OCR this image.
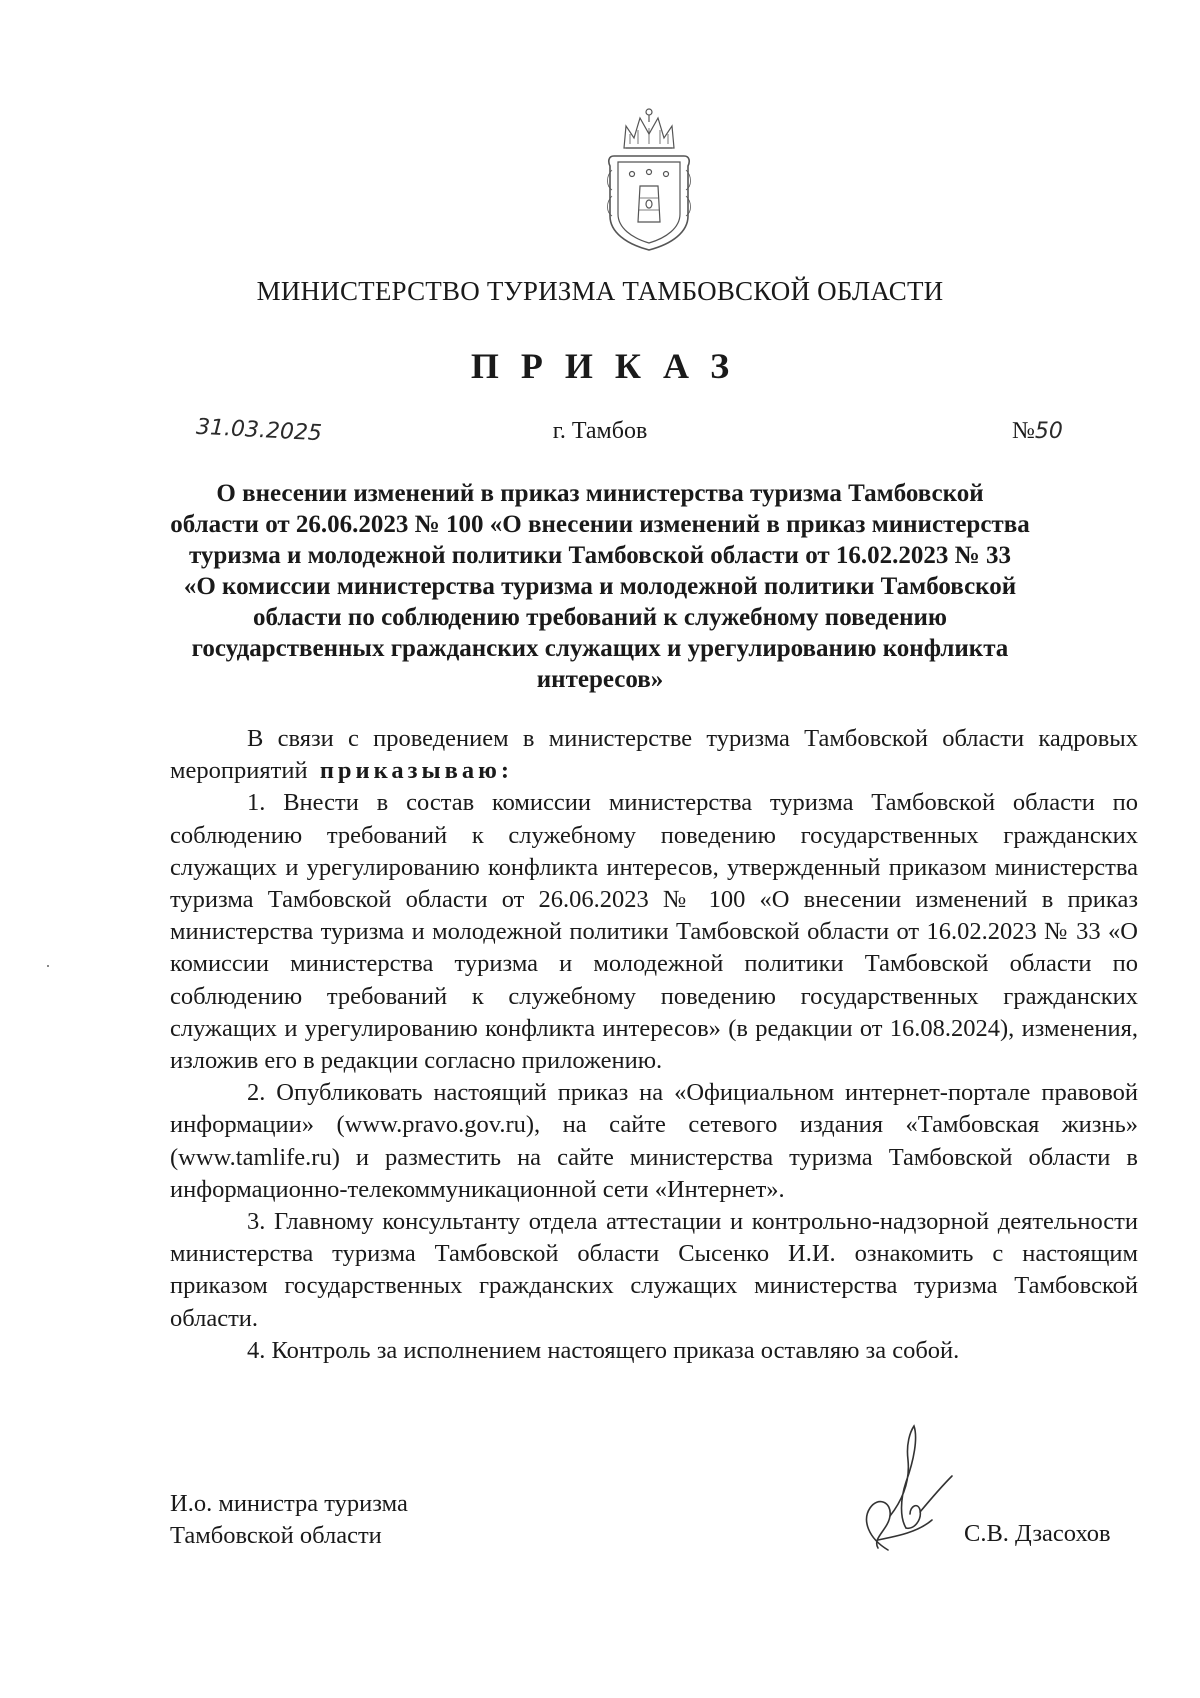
МИНИСТЕРСТВО ТУРИЗМА ТАМБОВСКОЙ ОБЛАСТИ
ПРИКАЗ
31.03.2025	г. Тамбов	№50
О внесении изменений в приказ министерства туризма Тамбовской
области от 26.06.2023 № 100 «О внесении изменений в приказ министерства
туризма и молодежной политики Тамбовской области от 16.02.2023 № 33
«О комиссии министерства туризма и молодежной политики Тамбовской
области по соблюдению требований к служебному поведению
государственных гражданских служащих и урегулированию конфликта
интересов»

В связи с проведением в министерстве туризма Тамбовской области кадровых мероприятий приказываю:

1. Внести в состав комиссии министерства туризма Тамбовской области по соблюдению требований к служебному поведению государственных гражданских служащих и урегулированию конфликта интересов, утвержденный приказом министерства туризма Тамбовской области от 26.06.2023 № 100 «О внесении изменений в приказ министерства туризма и молодежной политики Тамбовской области от 16.02.2023 № 33 «О комиссии министерства туризма и молодежной политики Тамбовской области по соблюдению требований к служебному поведению государственных гражданских служащих и урегулированию конфликта интересов» (в редакции от 16.08.2024), изменения, изложив его в редакции согласно приложению.

2. Опубликовать настоящий приказ на «Официальном интернет-портале правовой информации» (www.pravo.gov.ru), на сайте сетевого издания «Тамбовская жизнь» (www.tamlife.ru) и разместить на сайте министерства туризма Тамбовской области в информационно-телекоммуникационной сети «Интернет».

3. Главному консультанту отдела аттестации и контрольно-надзорной деятельности министерства туризма Тамбовской области Сысенко И.И. ознакомить с настоящим приказом государственных гражданских служащих министерства туризма Тамбовской области.

4. Контроль за исполнением настоящего приказа оставляю за собой.

И.о. министра туризма
Тамбовской области	С.В. Дзасохов
